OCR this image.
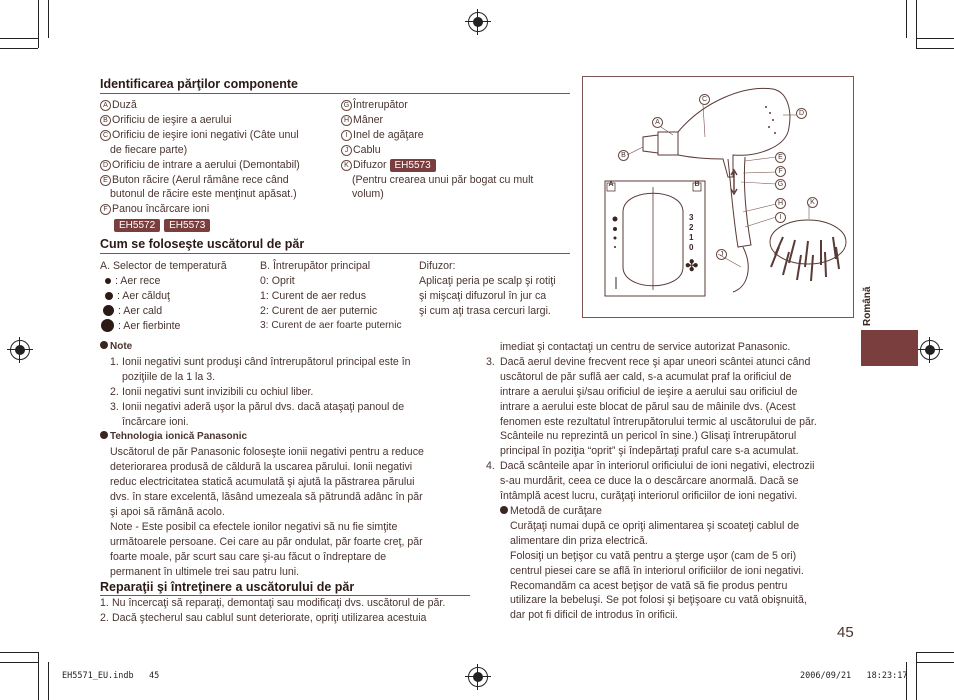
Identificarea părţilor componente
A Duză
B Orificiu de ieşire a aerului
C Orificiu de ieşire ioni negativi (Câte unul
de fiecare parte)
D Orificiu de intrare a aerului (Demontabil)
E Buton răcire (Aerul rămâne rece când
butonul de răcire este menţinut apăsat.)
F Panou încărcare ioni
EH5572 EH5573
G Întrerupător
H Mâner
I Inel de agăţare
J Cablu
K Difuzor EH5573
(Pentru crearea unui păr bogat cu mult
volum)
Cum se foloseşte uscătorul de păr
A. Selector de temperatură
: Aer rece
: Aer călduţ
: Aer cald
: Aer fierbinte
B. Întrerupător principal
0: Oprit
1: Curent de aer redus
2: Curent de aer puternic
3: Curent de aer foarte puternic
Difuzor:
Aplicaţi peria pe scalp şi rotiţi
şi mişcaţi difuzorul în jur ca
şi cum aţi trasa cercuri largi.
Note
1. Ionii negativi sunt produşi când întrerupătorul principal este în
poziţiile de la 1 la 3.
2. Ionii negativi sunt invizibili cu ochiul liber.
3. Ionii negativi aderă uşor la părul dvs. dacă ataşaţi panoul de
încărcare ioni.
Tehnologia ionică Panasonic
Uscătorul de păr Panasonic foloseşte ionii negativi pentru a reduce
deteriorarea produsă de căldură la uscarea părului. Ionii negativi
reduc electricitatea statică acumulată şi ajută la păstrarea părului
dvs. în stare excelentă, lăsând umezeala să pătrundă adânc în păr
şi apoi să rămână acolo.
Note - Este posibil ca efectele ionilor negativi să nu fie simţite
următoarele persoane. Cei care au păr ondulat, păr foarte creţ, păr
foarte moale, păr scurt sau care şi-au făcut o îndreptare de
permanent în ultimele trei sau patru luni.
Reparaţii şi întreţinere a uscătorului de păr
1. Nu încercaţi să reparaţi, demontaţi sau modificaţi dvs. uscătorul de păr.
2. Dacă ştecherul sau cablul sunt deteriorate, opriţi utilizarea acestuia
imediat şi contactaţi un centru de service autorizat Panasonic.
3. Dacă aerul devine frecvent rece şi apar uneori scântei atunci când
uscătorul de păr suflă aer cald, s-a acumulat praf la orificiul de
intrare a aerului şi/sau orificiul de ieşire a aerului sau orificiul de
intrare a aerului este blocat de părul sau de mâinile dvs. (Acest
fenomen este rezultatul întrerupătorului termic al uscătorului de păr.
Scânteile nu reprezintă un pericol în sine.) Glisaţi întrerupătorul
principal în poziţia “oprit” şi îndepărtaţi praful care s-a acumulat.
4. Dacă scânteile apar în interiorul orificiului de ioni negativi, electrozii
s-au murdărit, ceea ce duce la o descărcare anormală. Dacă se
întâmplă acest lucru, curăţaţi interiorul orificiilor de ioni negativi.
Metodă de curăţare
Curăţaţi numai după ce opriţi alimentarea şi scoateţi cablul de
alimentare din priza electrică.
Folosiţi un beţişor cu vată pentru a şterge uşor (cam de 5 ori)
centrul piesei care se află în interiorul orificiilor de ioni negativi.
Recomandăm ca acest beţişor de vată să fie produs pentru
utilizare la bebeluşi. Se pot folosi şi beţişoare cu vată obişnuită,
dar pot fi dificil de introdus în orificii.
✤
A
B
C
D
E
F
G
H
I
J
K
A	B
3
2
1
0
Română
45
EH5571_EU.indb   45	2006/09/21   18:23:17
